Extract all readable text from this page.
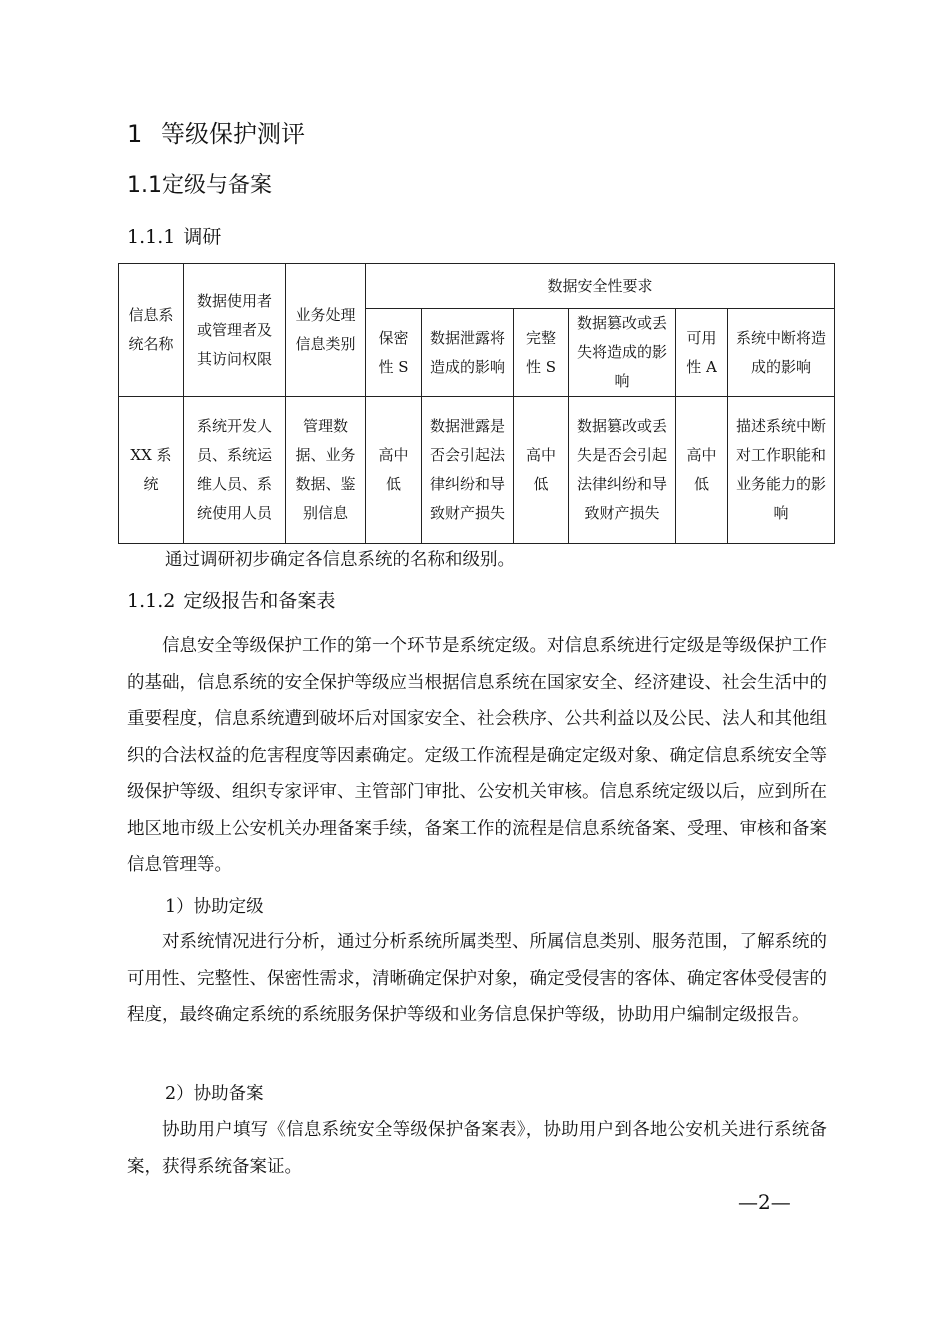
1 等级保护测评
1.1定级与备案
1.1.1 调研
信息系统名称	数据使用者或管理者及其访问权限	业务处理信息类别	数据安全性要求					
			保密性 S	数据泄露将造成的影响	完整性 S	数据篡改或丢失将造成的影响	可用性 A	系统中断将造成的影响
XX 系统	系统开发人员、系统运维人员、系统使用人员	管理数据、业务数据、鉴别信息	高中低	数据泄露是否会引起法律纠纷和导致财产损失	高中低	数据篡改或丢失是否会引起法律纠纷和导致财产损失	高中低	描述系统中断对工作职能和业务能力的影响
通过调研初步确定各信息系统的名称和级别。
1.1.2 定级报告和备案表
信息安全等级保护工作的第一个环节是系统定级。对信息系统进行定级是等级保护工作的基础，信息系统的安全保护等级应当根据信息系统在国家安全、经济建设、社会生活中的重要程度，信息系统遭到破坏后对国家安全、社会秩序、公共利益以及公民、法人和其他组织的合法权益的危害程度等因素确定。定级工作流程是确定定级对象、确定信息系统安全等级保护等级、组织专家评审、主管部门审批、公安机关审核。信息系统定级以后，应到所在地区地市级上公安机关办理备案手续，备案工作的流程是信息系统备案、受理、审核和备案信息管理等。
1）协助定级
对系统情况进行分析，通过分析系统所属类型、所属信息类别、服务范围，了解系统的可用性、完整性、保密性需求，清晰确定保护对象，确定受侵害的客体、确定客体受侵害的程度，最终确定系统的系统服务保护等级和业务信息保护等级，协助用户编制定级报告。
2）协助备案
协助用户填写《信息系统安全等级保护备案表》，协助用户到各地公安机关进行系统备案，获得系统备案证。
—2—
